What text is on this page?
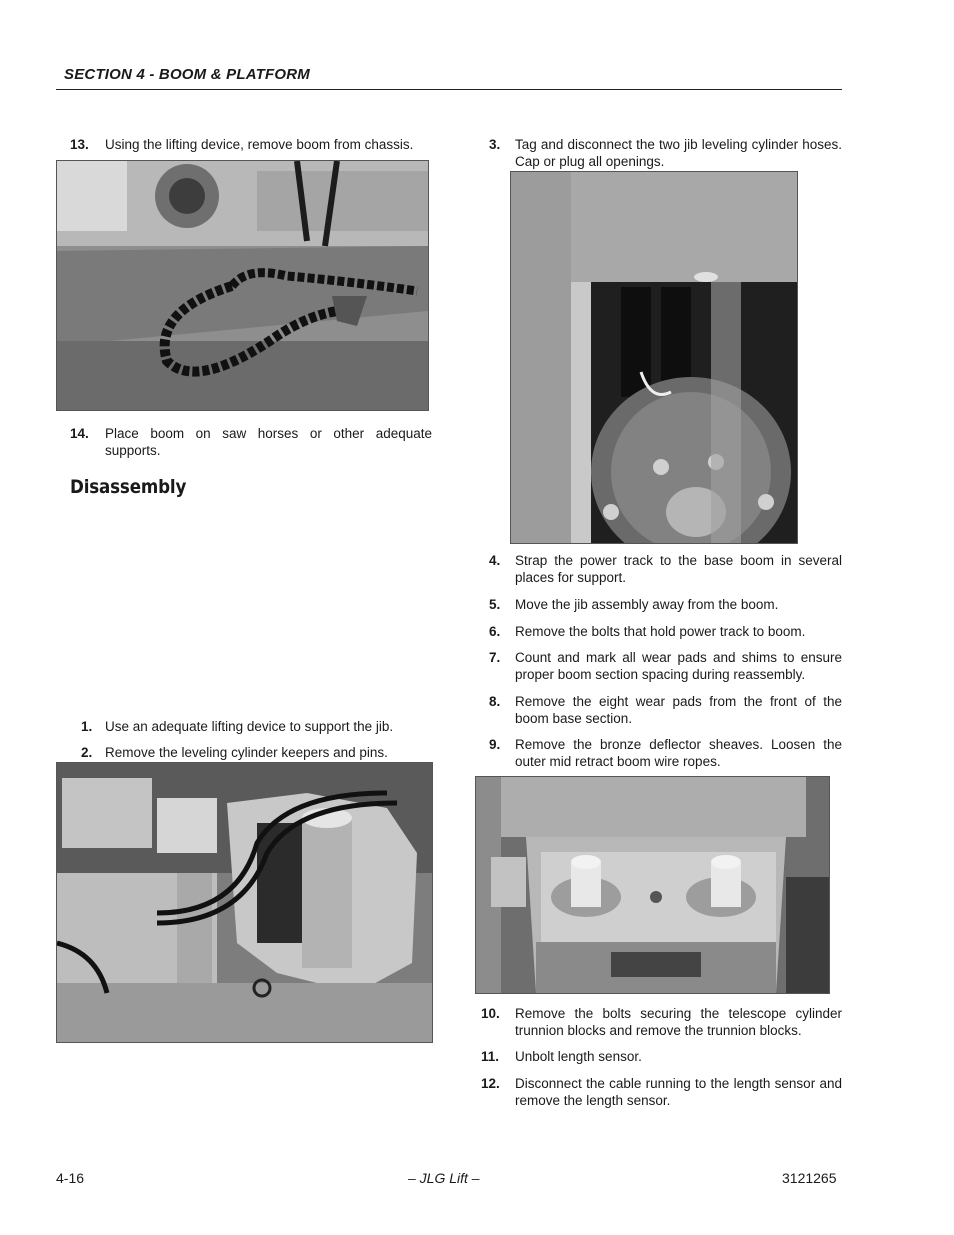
SECTION 4 - BOOM & PLATFORM
13. Using the lifting device, remove boom from chassis.
14. Place boom on saw horses or other adequate supports.
Disassembly
1. Use an adequate lifting device to support the jib.
2. Remove the leveling cylinder keepers and pins.
3. Tag and disconnect the two jib leveling cylinder hoses. Cap or plug all openings.
4. Strap the power track to the base boom in several places for support.
5. Move the jib assembly away from the boom.
6. Remove the bolts that hold power track to boom.
7. Count and mark all wear pads and shims to ensure proper boom section spacing during reassembly.
8. Remove the eight wear pads from the front of the boom base section.
9. Remove the bronze deflector sheaves. Loosen the outer mid retract boom wire ropes.
10. Remove the bolts securing the telescope cylinder trunnion blocks and remove the trunnion blocks.
11. Unbolt length sensor.
12. Disconnect the cable running to the length sensor and remove the length sensor.
4-16	– JLG Lift –	3121265
